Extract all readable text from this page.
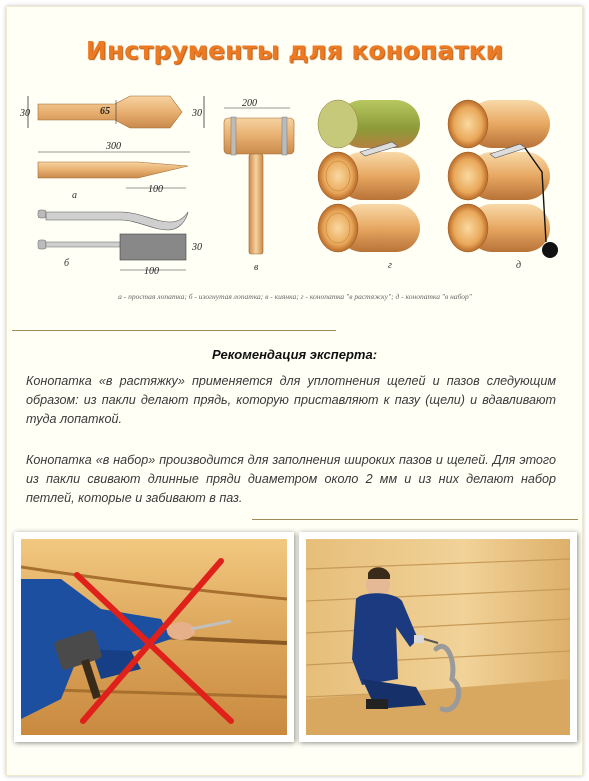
Инструменты для конопатки
30	65	30
300
100
а
30
100
б
200
в	г	д
а - простая лопатка; б - изогнутая лопатка; в - киянка; г - конопатка "в растяжку"; д - конопатка "в набор"
Рекомендация эксперта:
Конопатка «в растяжку» применяется для уплотнения щелей и пазов следующим образом: из пакли делают прядь, которую приставляют к пазу (щели) и вдавливают туда лопаткой.
Конопатка «в набор» производится для заполнения широких пазов и щелей. Для этого из пакли свивают длинные пряди диаметром около 2 мм и из них делают набор петлей, которые и забивают в паз.
